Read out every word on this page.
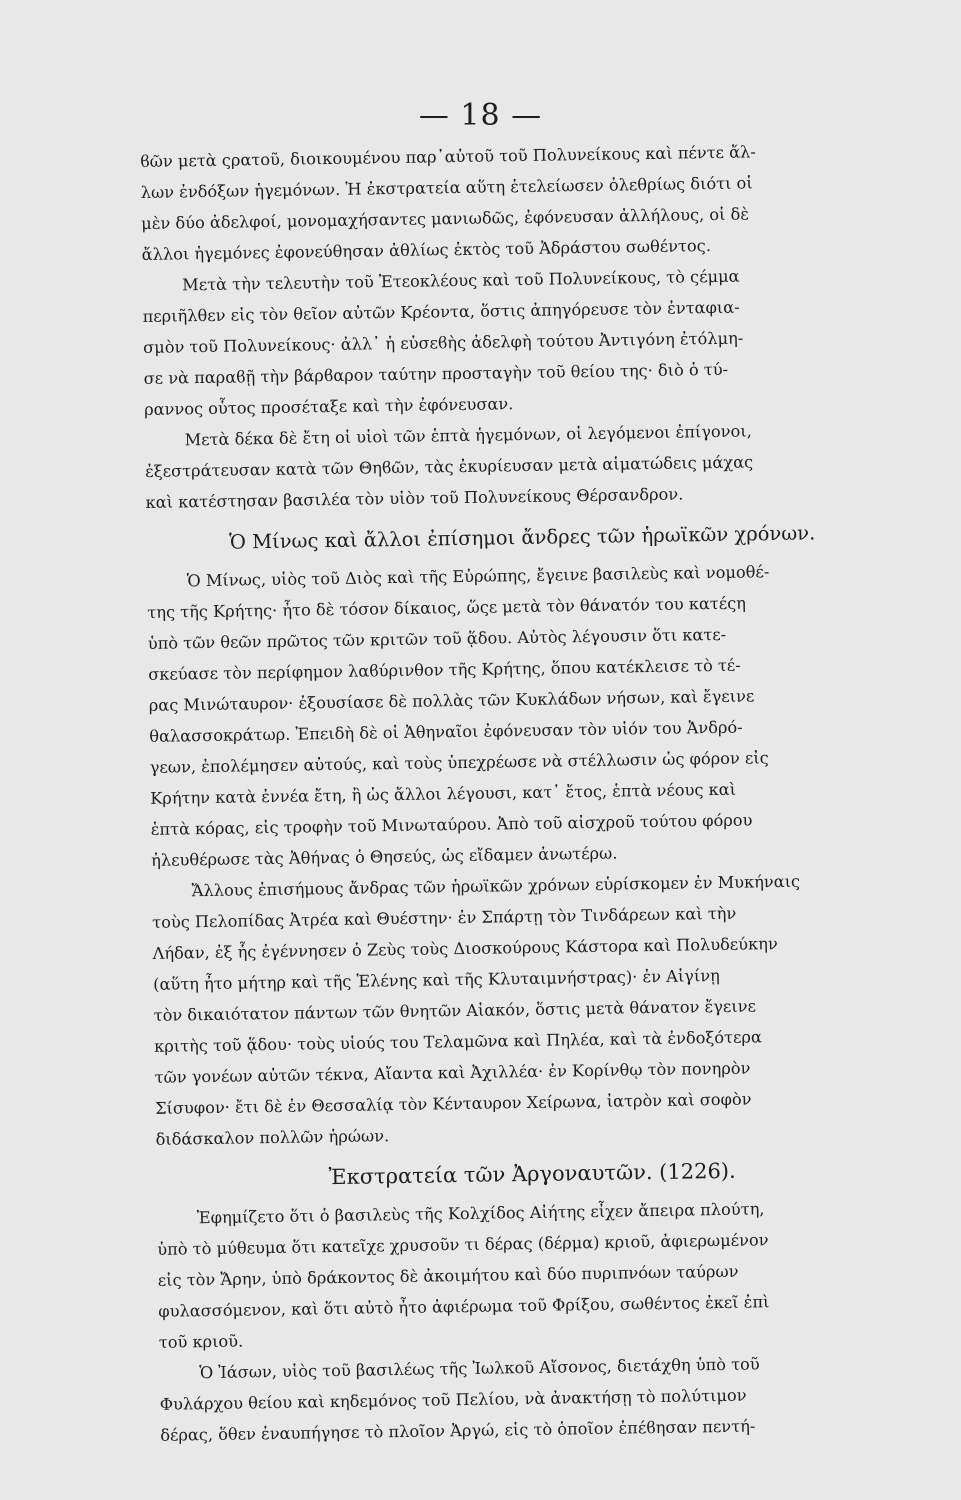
— 18 —
ϐῶν μετὰ ςρατοῦ, διοικουμένου παρ᾽αὐτοῦ τοῦ Πολυνείκους καὶ πέντε ἄλ-
λων ἐνδόξων ἡγεμόνων. Ἡ ἐκστρατεία αὕτη ἐτελείωσεν ὀλεθρίως διότι οἱ
μὲν δύο ἀδελφοί, μονομαχήσαντες μανιωδῶς, ἐφόνευσαν ἀλλήλους, οἱ δὲ
ἄλλοι ἡγεμόνες ἐφονεύθησαν ἀθλίως ἐκτὸς τοῦ Ἀδράστου σωθέντος.
Μετὰ τὴν τελευτὴν τοῦ Ἐτεοκλέους καὶ τοῦ Πολυνείκους, τὸ ςέμμα
περιῆλθεν εἰς τὸν θεῖον αὐτῶν Κρέοντα, ὅστις ἀπηγόρευσε τὸν ἐνταφια-
σμὸν τοῦ Πολυνείκους· ἀλλ᾽ ἡ εὐσεϐὴς ἀδελφὴ τούτου Ἀντιγόνη ἐτόλμη-
σε νὰ παραϐῇ τὴν βάρϐαρον ταύτην προσταγὴν τοῦ θείου της· διὸ ὁ τύ-
ραννος οὗτος προσέταξε καὶ τὴν ἐφόνευσαν.
Μετὰ δέκα δὲ ἔτη οἱ υἱοὶ τῶν ἑπτὰ ἡγεμόνων, οἱ λεγόμενοι ἐπίγονοι,
ἐξεστράτευσαν κατὰ τῶν Θηϐῶν, τὰς ἐκυρίευσαν μετὰ αἱματώδεις μάχας
καὶ κατέστησαν βασιλέα τὸν υἱὸν τοῦ Πολυνείκους Θέρσανδρον.
Ὁ Μίνως καὶ ἄλλοι ἐπίσημοι ἄνδρες τῶν ἡρωϊκῶν χρόνων.
Ὁ Μίνως, υἱὸς τοῦ Διὸς καὶ τῆς Εὐρώπης, ἔγεινε βασιλεὺς καὶ νομοθέ-
της τῆς Κρήτης· ἦτο δὲ τόσον δίκαιος, ὥςε μετὰ τὸν θάνατόν του κατέςη
ὑπὸ τῶν θεῶν πρῶτος τῶν κριτῶν τοῦ ᾅδου. Αὐτὸς λέγουσιν ὅτι κατε-
σκεύασε τὸν περίφημον λαϐύρινθον τῆς Κρήτης, ὅπου κατέκλεισε τὸ τέ-
ρας Μινώταυρον· ἐξουσίασε δὲ πολλὰς τῶν Κυκλάδων νήσων, καὶ ἔγεινε
θαλασσοκράτωρ. Ἐπειδὴ δὲ οἱ Ἀθηναῖοι ἐφόνευσαν τὸν υἱόν του Ἀνδρό-
γεων, ἐπολέμησεν αὐτούς, καὶ τοὺς ὑπεχρέωσε νὰ στέλλωσιν ὡς φόρον εἰς
Κρήτην κατὰ ἐννέα ἔτη, ἢ ὡς ἄλλοι λέγουσι, κατ᾽ ἔτος, ἑπτὰ νέους καὶ
ἑπτὰ κόρας, εἰς τροφὴν τοῦ Μινωταύρου. Ἀπὸ τοῦ αἰσχροῦ τούτου φόρου
ἠλευθέρωσε τὰς Ἀθήνας ὁ Θησεύς, ὡς εἴδαμεν ἀνωτέρω.
Ἄλλους ἐπισήμους ἄνδρας τῶν ἡρωϊκῶν χρόνων εὑρίσκομεν ἐν Μυκήναις
τοὺς Πελοπίδας Ἀτρέα καὶ Θυέστην· ἐν Σπάρτῃ τὸν Τινδάρεων καὶ τὴν
Λήδαν, ἐξ ἧς ἐγέννησεν ὁ Ζεὺς τοὺς Διοσκούρους Κάστορα καὶ Πολυδεύκην
(αὕτη ἦτο μήτηρ καὶ τῆς Ἑλένης καὶ τῆς Κλυταιμνήστρας)· ἐν Αἰγίνῃ
τὸν δικαιότατον πάντων τῶν θνητῶν Αἰακόν, ὅστις μετὰ θάνατον ἔγεινε
κριτὴς τοῦ ᾅδου· τοὺς υἱούς του Τελαμῶνα καὶ Πηλέα, καὶ τὰ ἐνδοξότερα
τῶν γονέων αὐτῶν τέκνα, Αἴαντα καὶ Ἀχιλλέα· ἐν Κορίνθῳ τὸν πονηρὸν
Σίσυφον· ἔτι δὲ ἐν Θεσσαλίᾳ τὸν Κένταυρον Χείρωνα, ἰατρὸν καὶ σοφὸν
διδάσκαλον πολλῶν ἡρώων.
Ἐκστρατεία τῶν Ἀργοναυτῶν. (1226).
Ἐφημίζετο ὅτι ὁ βασιλεὺς τῆς Κολχίδος Αἰήτης εἶχεν ἄπειρα πλούτη,
ὑπὸ τὸ μύθευμα ὅτι κατεῖχε χρυσοῦν τι δέρας (δέρμα) κριοῦ, ἀφιερωμένον
εἰς τὸν Ἄρην, ὑπὸ δράκοντος δὲ ἀκοιμήτου καὶ δύο πυριπνόων ταύρων
φυλασσόμενον, καὶ ὅτι αὐτὸ ἦτο ἀφιέρωμα τοῦ Φρίξου, σωθέντος ἐκεῖ ἐπὶ
τοῦ κριοῦ.
Ὁ Ἰάσων, υἱὸς τοῦ βασιλέως τῆς Ἰωλκοῦ Αἴσονος, διετάχθη ὑπὸ τοῦ
Φυλάρχου θείου καὶ κηδεμόνος τοῦ Πελίου, νὰ ἀνακτήσῃ τὸ πολύτιμον
δέρας, ὅθεν ἐναυπήγησε τὸ πλοῖον Ἀργώ, εἰς τὸ ὁποῖον ἐπέϐησαν πεντή-
